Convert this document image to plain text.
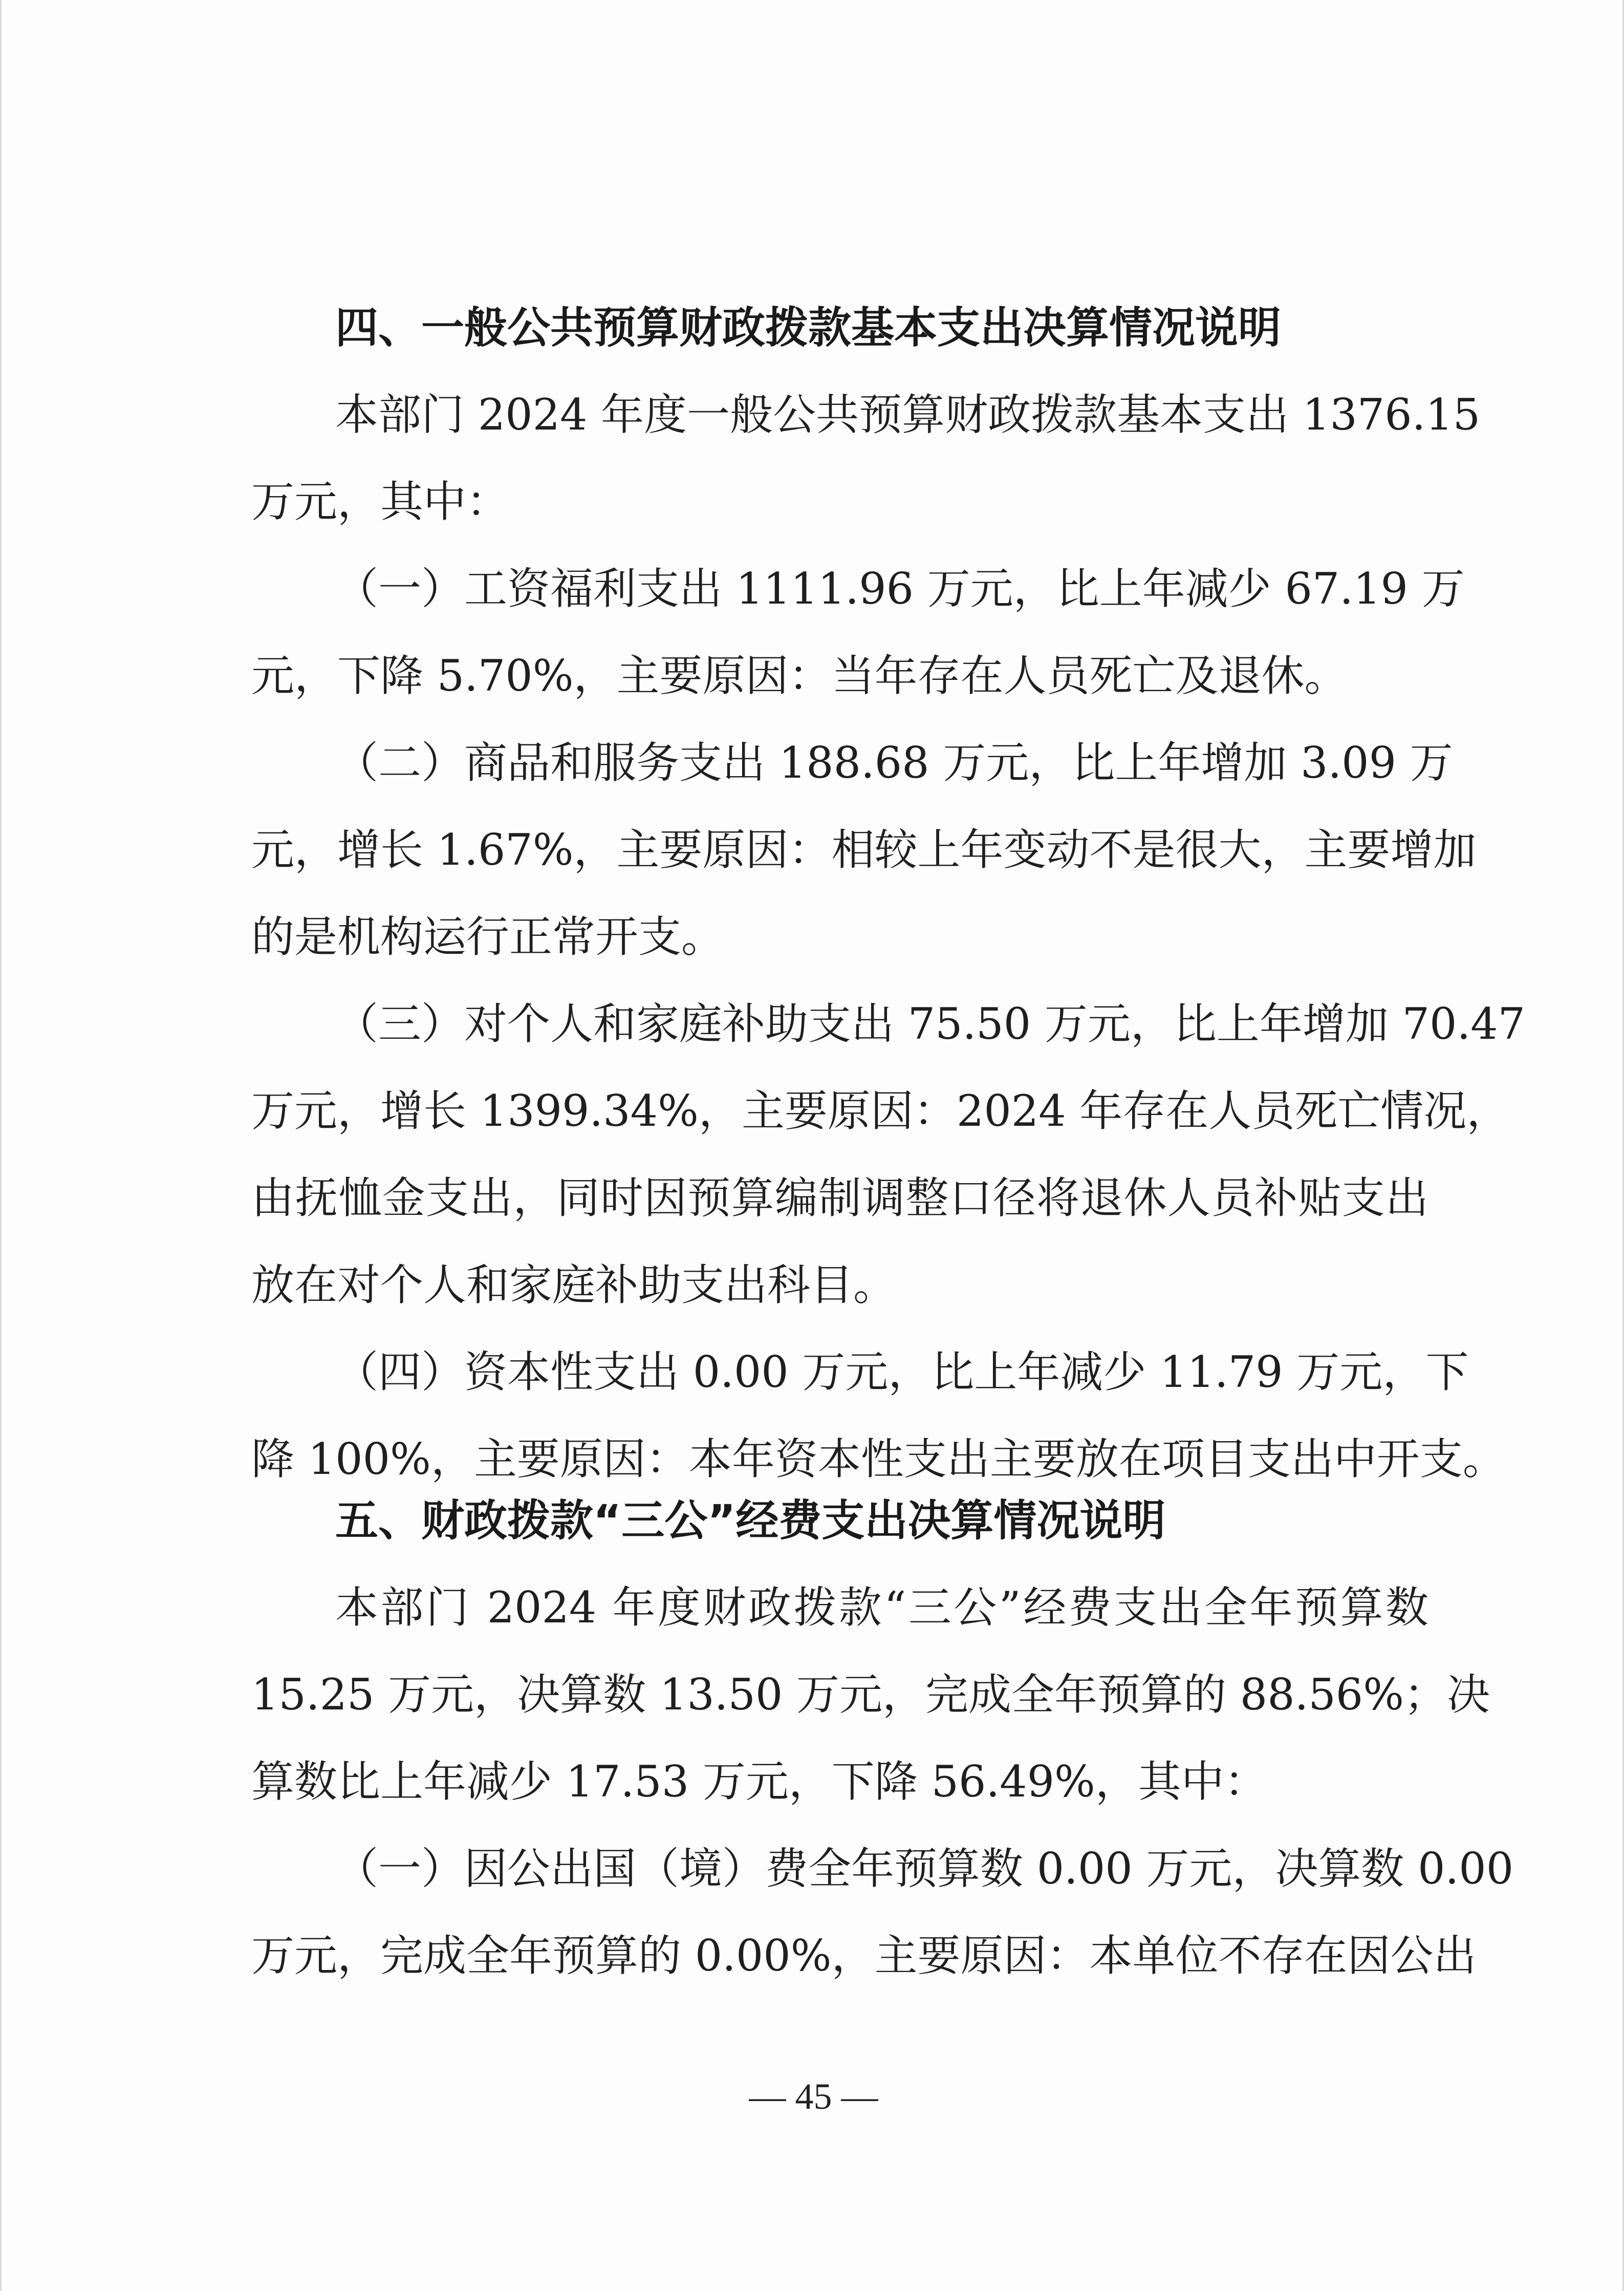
四、一般公共预算财政拨款基本支出决算情况说明
本部门 2024 年度一般公共预算财政拨款基本支出 1376.15
万元，其中：
（一）工资福利支出 1111.96 万元，比上年减少 67.19 万
元，下降 5.70%，主要原因：当年存在人员死亡及退休。
（二）商品和服务支出 188.68 万元，比上年增加 3.09 万
元，增长 1.67%，主要原因：相较上年变动不是很大，主要增加
的是机构运行正常开支。
（三）对个人和家庭补助支出 75.50 万元，比上年增加 70.47
万元，增长 1399.34%，主要原因：2024 年存在人员死亡情况，
由抚恤金支出，同时因预算编制调整口径将退休人员补贴支出
放在对个人和家庭补助支出科目。
（四）资本性支出 0.00 万元，比上年减少 11.79 万元，下
降 100%，主要原因：本年资本性支出主要放在项目支出中开支。
五、财政拨款“三公”经费支出决算情况说明
本部门 2024 年度财政拨款“三公”经费支出全年预算数
15.25 万元，决算数 13.50 万元，完成全年预算的 88.56%；决
算数比上年减少 17.53 万元，下降 56.49%，其中：
（一）因公出国（境）费全年预算数 0.00 万元，决算数 0.00
万元，完成全年预算的 0.00%，主要原因：本单位不存在因公出
— 45 —
